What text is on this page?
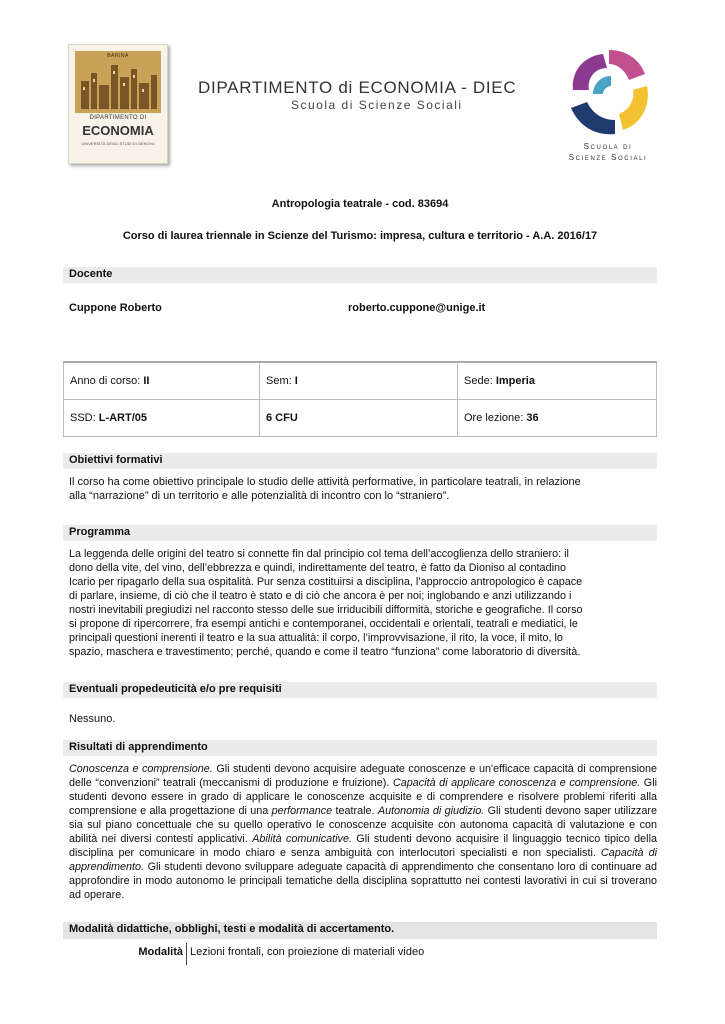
BARINA
DIPARTIMENTO DI
ECONOMIA
UNIVERSITÀ DEGLI STUDI DI GENOVA
DIPARTIMENTO di ECONOMIA - DIEC
Scuola di Scienze Sociali
Scuola di
Scienze Sociali
Antropologia teatrale - cod. 83694
Corso di laurea triennale in Scienze del Turismo: impresa, cultura e territorio - A.A. 2016/17
Docente
Cuppone Roberto	roberto.cuppone@unige.it
Anno di corso: II	Sem: I	Sede: Imperia
SSD: L-ART/05	6 CFU	Ore lezione: 36
Obiettivi formativi
Il corso ha come obiettivo principale lo studio delle attività performative, in particolare teatrali, in relazione
alla “narrazione” di un territorio e alle potenzialità di incontro con lo “straniero”.
Programma
La leggenda delle origini del teatro si connette fin dal principio col tema dell’accoglienza dello straniero: il
dono della vite, del vino, dell’ebbrezza e quindi, indirettamente del teatro, è fatto da Dioniso al contadino
Icario per ripagarlo della sua ospitalità. Pur senza costituirsi a disciplina, l’approccio antropologico è capace
di parlare, insieme, di ciò che il teatro è stato e di ciò che ancora è per noi; inglobando e anzi utilizzando i
nostri inevitabili pregiudizi nel racconto stesso delle sue irriducibili difformità, storiche e geografiche. Il corso
si propone di ripercorrere, fra esempi antichi e contemporanei, occidentali e orientali, teatrali e mediatici, le
principali questioni inerenti il teatro e la sua attualità: il corpo, l’improvvisazione, il rito, la voce, il mito, lo
spazio, maschera e travestimento; perché, quando e come il teatro “funziona” come laboratorio di diversità.
Eventuali propedeuticità e/o pre requisiti
Nessuno.
Risultati di apprendimento
Conoscenza e comprensione. Gli studenti devono acquisire adeguate conoscenze e un'efficace capacità di comprensione delle “convenzioni” teatrali (meccanismi di produzione e fruizione). Capacità di applicare conoscenza e comprensione. Gli studenti devono essere in grado di applicare le conoscenze acquisite e di comprendere e risolvere problemi riferiti alla comprensione e alla progettazione di una performance teatrale. Autonomia di giudizio. Gli studenti devono saper utilizzare sia sul piano concettuale che su quello operativo le conoscenze acquisite con autonoma capacità di valutazione e con abilità nei diversi contesti applicativi. Abilità comunicative. Gli studenti devono acquisire il linguaggio tecnico tipico della disciplina per comunicare in modo chiaro e senza ambiguità con interlocutori specialisti e non specialisti. Capacità di apprendimento. Gli studenti devono sviluppare adeguate capacità di apprendimento che consentano loro di continuare ad approfondire in modo autonomo le principali tematiche della disciplina soprattutto nei contesti lavorativi in cui si troverano ad operare.
Modalità didattiche, obblighi, testi e modalità di accertamento.
Modalità Lezioni frontali, con proiezione di materiali video
